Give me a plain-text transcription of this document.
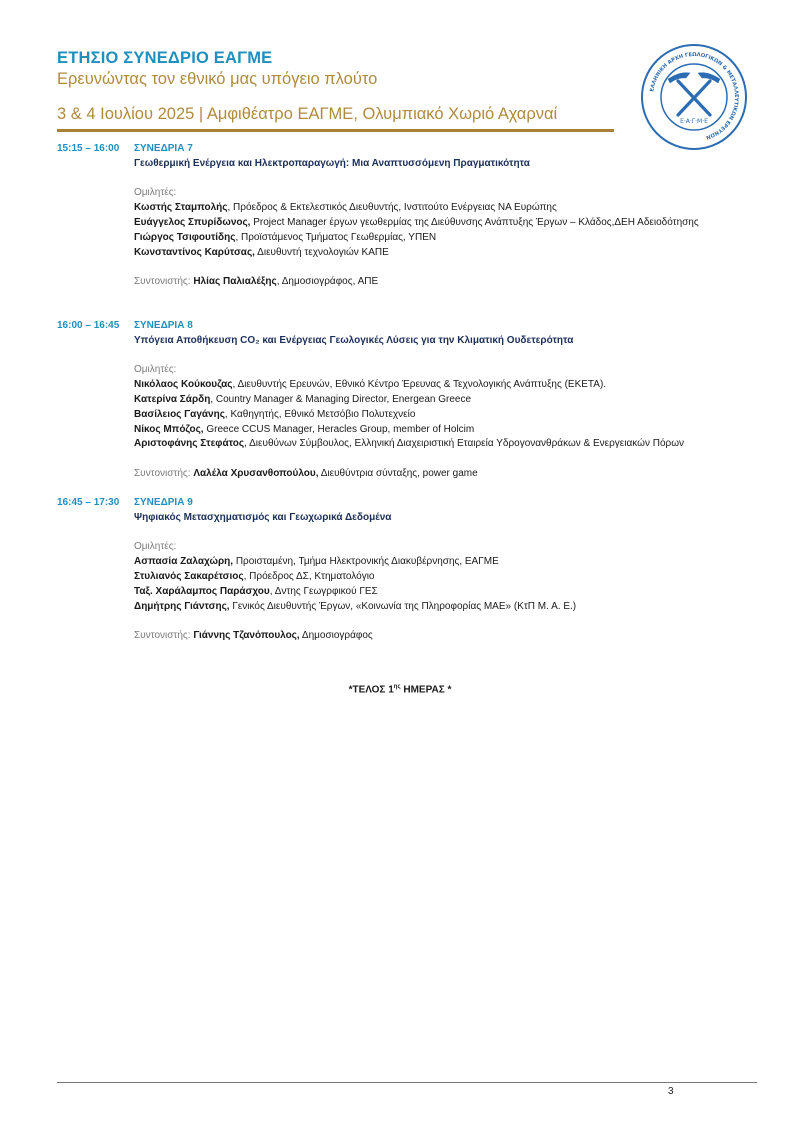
ΕΤΗΣΙΟ ΣΥΝΕΔΡΙΟ ΕΑΓΜΕ
Ερευνώντας τον εθνικό μας υπόγειο πλούτο
3 & 4 Ιουλίου 2025 | Αμφιθέατρο ΕΑΓΜΕ, Ολυμπιακό Χωριό Αχαρναί
ΕΛΛΗΝΙΚΗ ΑΡΧΗ ΓΕΩΛΟΓΙΚΩΝ & ΜΕΤΑΛΛΕΥΤΙΚΩΝ ΕΡΕΥΝΩΝ
Ε·Α·Γ·Μ·Ε
15:15 – 16:00 ΣΥΝΕΔΡΙΑ 7
Γεωθερμική Ενέργεια και Ηλεκτροπαραγωγή: Μια Αναπτυσσόμενη Πραγματικότητα
Ομιλητές:
Κωστής Σταμπολής, Πρόεδρος & Εκτελεστικός Διευθυντής, Ινστιτούτο Ενέργειας ΝΑ Ευρώπης
Ευάγγελος Σπυρίδωνος, Project Manager έργων γεωθερμίας της Διεύθυνσης Ανάπτυξης Έργων – Κλάδος,ΔΕΗ Αδειοδότησης
Γιώργος Τσιφουτίδης, Προϊστάμενος Τμήματος Γεωθερμίας, ΥΠΕΝ
Κωνσταντίνος Καρύτσας, Διευθυντή τεχνολογιών ΚΑΠΕ
Συντονιστής: Ηλίας Παλιαλέξης, Δημοσιογράφος, ΑΠΕ
16:00 – 16:45 ΣΥΝΕΔΡΙΑ 8
Υπόγεια Αποθήκευση CO₂ και Ενέργειας Γεωλογικές Λύσεις για την Κλιματική Ουδετερότητα
Ομιλητές:
Νικόλαος Κούκουζας, Διευθυντής Ερευνών, Εθνικό Κέντρο Έρευνας & Τεχνολογικής Ανάπτυξης (ΕΚΕΤΑ).
Κατερίνα Σάρδη, Country Manager & Managing Director, Energean Greece
Βασίλειος Γαγάνης, Καθηγητής, Εθνικό Μετσόβιο Πολυτεχνείο
Νίκος Μπόζος, Greece CCUS Manager, Heracles Group, member of Holcim
Αριστοφάνης Στεφάτος, Διευθύνων Σύμβουλος, Ελληνική Διαχειριστική Εταιρεία Υδρογονανθράκων & Ενεργειακών Πόρων
Συντονιστής: Λαλέλα Χρυσανθοπούλου, Διευθύντρια σύνταξης, power game
16:45 – 17:30 ΣΥΝΕΔΡΙΑ 9
Ψηφιακός Μετασχηματισμός και Γεωχωρικά Δεδομένα
Ομιλητές:
Ασπασία Ζαλαχώρη, Προισταμένη, Τμήμα Ηλεκτρονικής Διακυβέρνησης, ΕΑΓΜΕ
Στυλιανός Σακαρέτσιος, Πρόεδρος ΔΣ, Κτηματολόγιο
Ταξ. Χαράλαμπος Παράσχου, Δντης Γεωγρφικού ΓΕΣ
Δημήτρης Γιάντσης, Γενικός Διευθυντής Έργων, «Κοινωνία της Πληροφορίας ΜΑΕ» (ΚτΠ Μ. Α. Ε.)
Συντονιστής: Γιάννης Τζανόπουλος, Δημοσιογράφος
*ΤΕΛΟΣ $1^{\eta\varsigma}$ ΗΜΕΡΑΣ *
3
